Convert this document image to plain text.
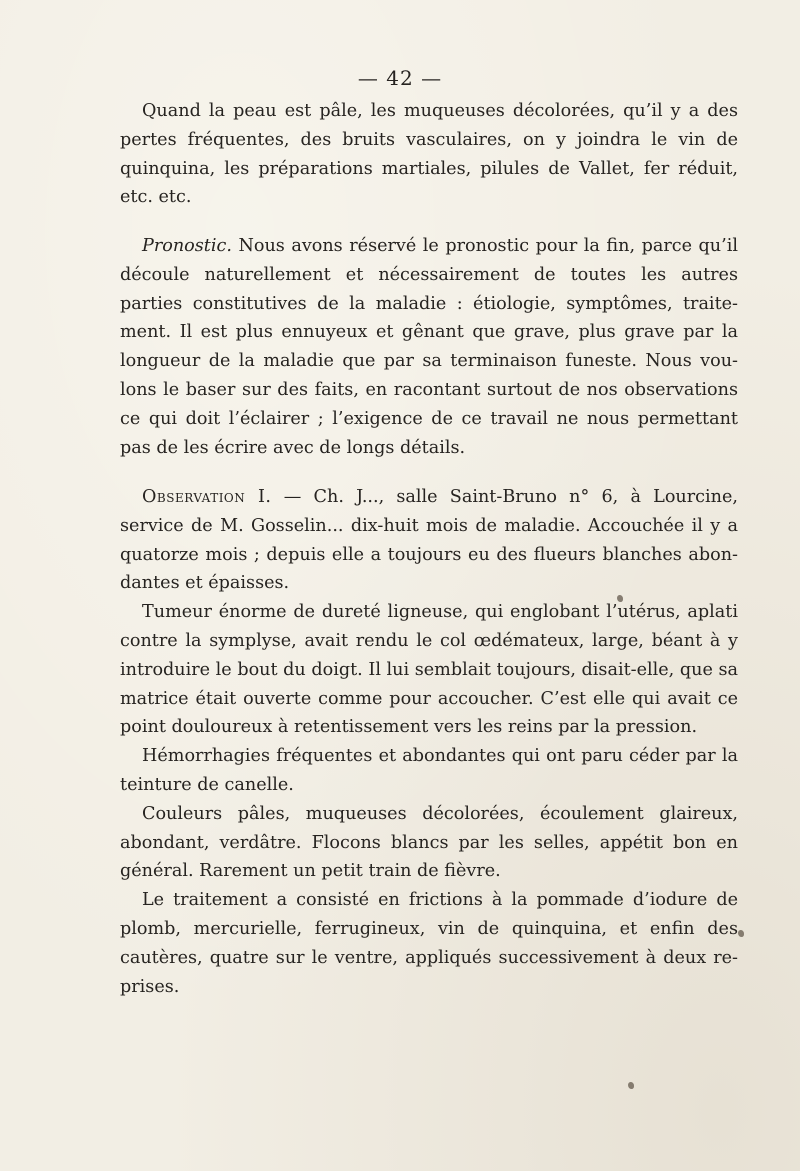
— 42 —

Quand la peau est pâle, les muqueuses décolorées, qu’il y a des pertes fréquentes, des bruits vasculaires, on y joindra le vin de quinquina, les préparations martiales, pilules de Vallet, fer réduit, etc. etc.

Pronostic. Nous avons réservé le pronostic pour la fin, parce qu’il découle naturellement et nécessairement de toutes les autres parties constitutives de la maladie : étiologie, symptômes, traitement. Il est plus ennuyeux et gênant que grave, plus grave par la longueur de la maladie que par sa terminaison funeste. Nous voulons le baser sur des faits, en racontant surtout de nos observations ce qui doit l’éclairer ; l’exigence de ce travail ne nous permettant pas de les écrire avec de longs détails.

Observation I. — Ch. J..., salle Saint-Bruno n° 6, à Lourcine, service de M. Gosselin... dix-huit mois de maladie. Accouchée il y a quatorze mois ; depuis elle a toujours eu des flueurs blanches abondantes et épaisses.

Tumeur énorme de dureté ligneuse, qui englobant l’utérus, aplati contre la symplyse, avait rendu le col œdémateux, large, béant à y introduire le bout du doigt. Il lui semblait toujours, disait-elle, que sa matrice était ouverte comme pour accoucher. C’est elle qui avait ce point douloureux à retentissement vers les reins par la pression.

Hémorrhagies fréquentes et abondantes qui ont paru céder par la teinture de canelle.

Couleurs pâles, muqueuses décolorées, écoulement glaireux, abondant, verdâtre. Flocons blancs par les selles, appétit bon en général. Rarement un petit train de fièvre.

Le traitement a consisté en frictions à la pommade d’iodure de plomb, mercurielle, ferrugineux, vin de quinquina, et enfin des cautères, quatre sur le ventre, appliqués successivement à deux reprises.
